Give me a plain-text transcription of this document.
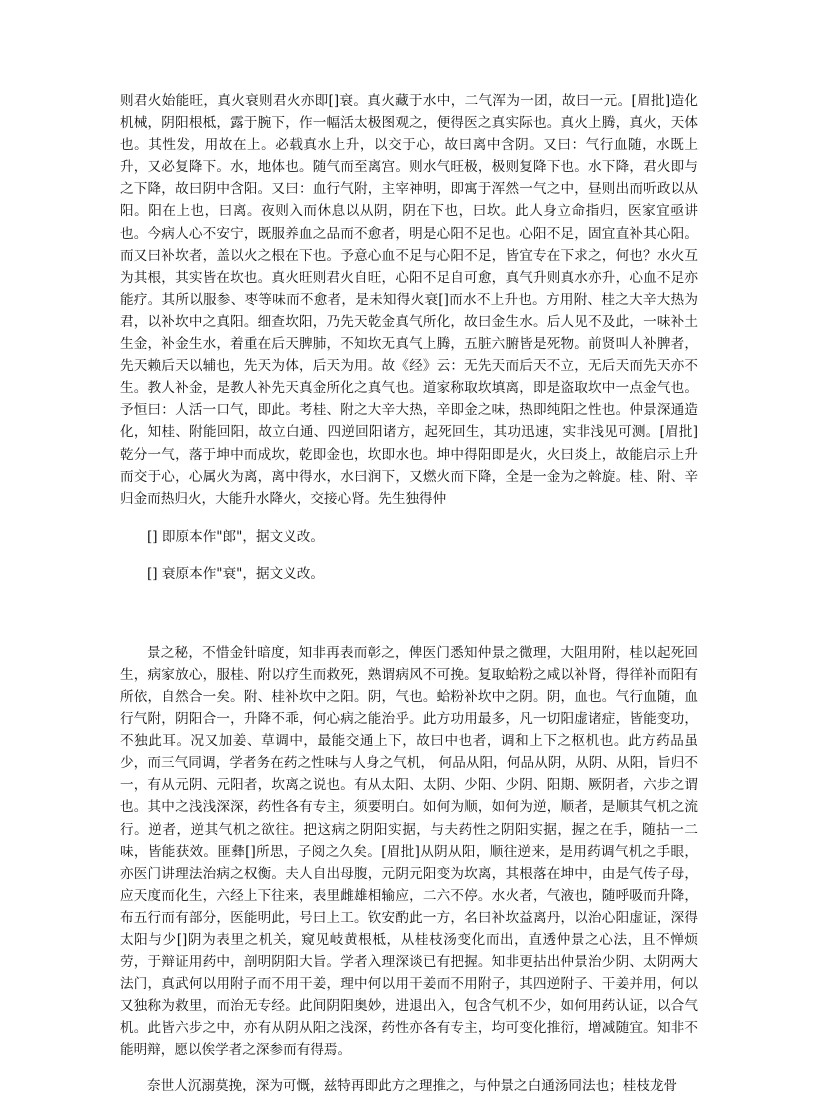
则君火始能旺，真火衰则君火亦即[]衰。真火藏于水中，二气浑为一团，故曰一元。[眉批]造化机械，阴阳根柢，露于腕下，作一幅活太极图观之，便得医之真实际也。真火上腾，真火，天体也。其性发，用故在上。必载真水上升，以交于心，故曰离中含阴。又曰：气行血随，水既上升，又必复降下。水，地体也。随气而至离宫。则水气旺极，极则复降下也。水下降，君火即与之下降，故曰阴中含阳。又曰：血行气附，主宰神明，即寓于浑然一气之中，昼则出而听政以从阳。阳在上也，曰离。夜则入而休息以从阴，阴在下也，曰坎。此人身立命指归，医家宜亟讲也。今病人心不安宁，既服养血之品而不愈者，明是心阳不足也。心阳不足，固宜直补其心阳。而又曰补坎者，盖以火之根在下也。予意心血不足与心阳不足，皆宜专在下求之，何也？水火互为其根，其实皆在坎也。真火旺则君火自旺，心阳不足自可愈，真气升则真水亦升，心血不足亦能疗。其所以服参、枣等味而不愈者，是未知得火衰[]而水不上升也。方用附、桂之大辛大热为君，以补坎中之真阳。细查坎阳，乃先天乾金真气所化，故曰金生水。后人见不及此，一味补土生金，补金生水，着重在后天脾肺，不知坎无真气上腾，五脏六腑皆是死物。前贤叫人补脾者，先天赖后天以辅也，先天为体，后天为用。故《经》云：无先天而后天不立，无后天而先天亦不生。教人补金，是教人补先天真金所化之真气也。道家称取坎填离，即是盗取坎中一点金气也。予恒曰：人活一口气，即此。考桂、附之大辛大热，辛即金之味，热即纯阳之性也。仲景深通造化，知桂、附能回阳，故立白通、四逆回阳诸方，起死回生，其功迅速，实非浅见可测。[眉批]乾分一气，落于坤中而成坎，乾即金也，坎即水也。坤中得阳即是火，火曰炎上，故能启示上升而交于心，心属火为离，离中得水，水曰润下，又燃火而下降，全是一金为之斡旋。桂、附、辛归金而热归火，大能升水降火，交接心肾。先生独得仲

[] 即原本作"郎"，据文义改。

[] 衰原本作"衰"，据文义改。

景之秘，不惜金针暗度，知非再表而彰之，俾医门悉知仲景之微理，大阻用附，桂以起死回生，病家放心，服桂、附以疗生而救死，熟谓病风不可挽。复取蛤粉之咸以补肾，得徉补而阳有所依，自然合一矣。附、桂补坎中之阳。阴，气也。蛤粉补坎中之阴。阴，血也。气行血随，血行气附，阴阳合一，升降不乖，何心病之能治乎。此方功用最多，凡一切阳虚诸症，皆能变功，不独此耳。况又加姜、草调中，最能交通上下，故曰中也者，调和上下之枢机也。此方药品虽少，而三气同调，学者务在药之性味与人身之气机， 何品从阳，何品从阴，从阴、从阳，旨归不一，有从元阴、元阳者，坎离之说也。有从太阳、太阴、少阳、少阴、阳期、厥阴者，六步之谓也。其中之浅浅深深，药性各有专主，须要明白。如何为顺，如何为逆，顺者，是顺其气机之流行。逆者，逆其气机之欲往。把这病之阴阳实据，与夫药性之阴阳实据，握之在手，随拈一二味，皆能获效。匪彝[]所思，子阅之久矣。[眉批]从阴从阳，顺往逆来，是用药调气机之手眼，亦医门讲理法治病之权衡。夫人自出母腹，元阴元阳变为坎离，其根落在坤中，由是气传子母，应天度而化生，六经上下往来，表里雌雄相输应，二六不停。水火者，气液也，随呼吸而升降，布五行而有部分，医能明此，号曰上工。钦安酌此一方，名曰补坎益离丹，以治心阳虚证，深得太阳与少[]阴为表里之机关，窥见岐黄根柢，从桂枝汤变化而出，直透仲景之心法，且不惮烦劳，于辩证用药中，剖明阴阳大旨。学者入理深谈已有把握。知非更拈出仲景治少阴、太阴两大法门，真武何以用附子而不用干姜，理中何以用干姜而不用附子，其四逆附子、干姜并用，何以又独称为救里，而治无专经。此间阴阳奥妙，进退出入，包含气机不少，如何用药认证，以合气机。此皆六步之中，亦有从阴从阳之浅深，药性亦各有专主，均可变化推衍，增减随宜。知非不能明辩，愿以俟学者之深参而有得焉。

奈世人沉溺莫挽，深为可慨，兹特再即此方之理推之，与仲景之白通汤同法也；桂枝龙骨
